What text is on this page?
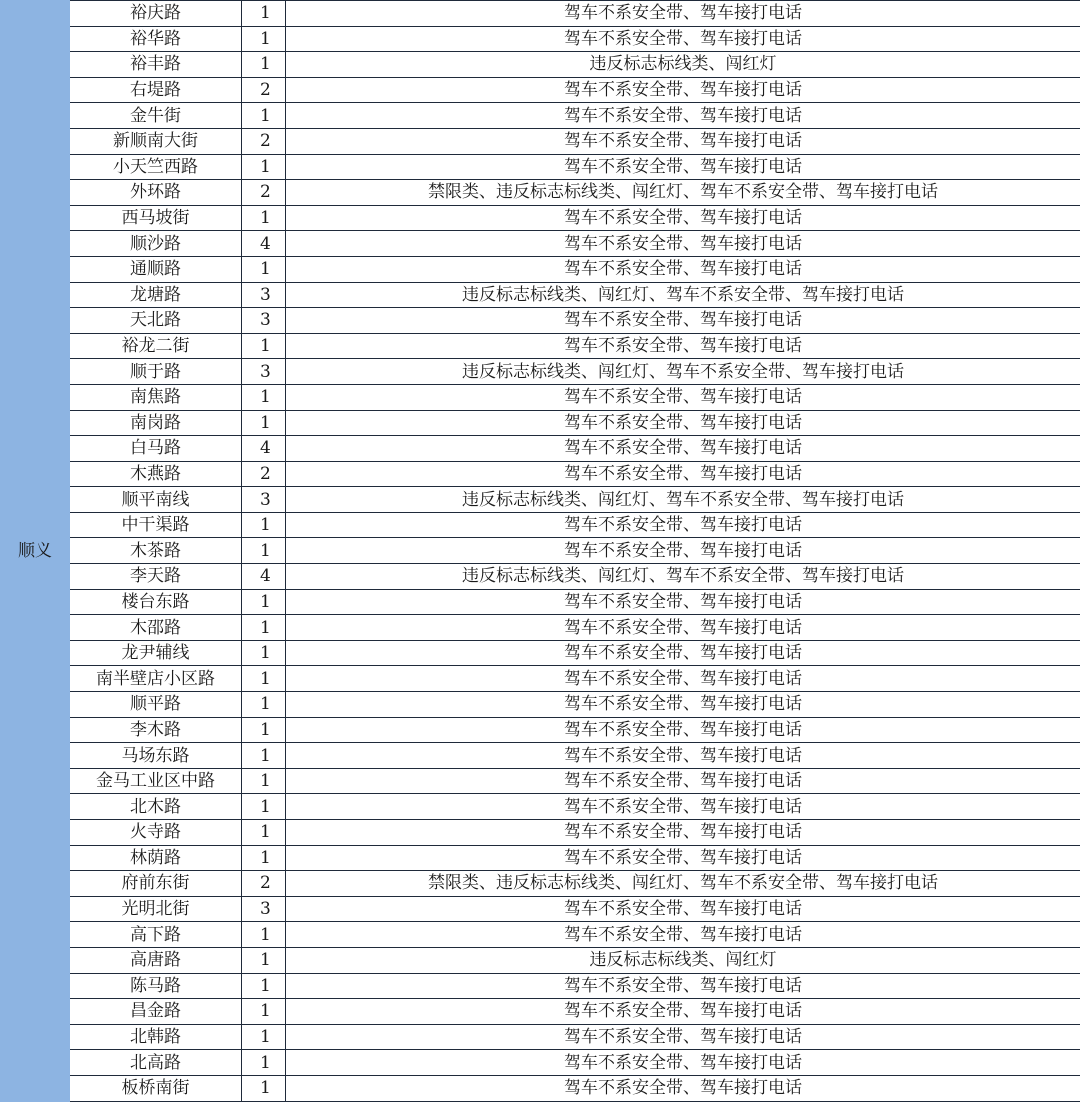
顺义	裕庆路	1	驾车不系安全带、驾车接打电话
	裕华路	1	驾车不系安全带、驾车接打电话
	裕丰路	1	违反标志标线类、闯红灯
	右堤路	2	驾车不系安全带、驾车接打电话
	金牛街	1	驾车不系安全带、驾车接打电话
	新顺南大街	2	驾车不系安全带、驾车接打电话
	小天竺西路	1	驾车不系安全带、驾车接打电话
	外环路	2	禁限类、违反标志标线类、闯红灯、驾车不系安全带、驾车接打电话
	西马坡街	1	驾车不系安全带、驾车接打电话
	顺沙路	4	驾车不系安全带、驾车接打电话
	通顺路	1	驾车不系安全带、驾车接打电话
	龙塘路	3	违反标志标线类、闯红灯、驾车不系安全带、驾车接打电话
	天北路	3	驾车不系安全带、驾车接打电话
	裕龙二街	1	驾车不系安全带、驾车接打电话
	顺于路	3	违反标志标线类、闯红灯、驾车不系安全带、驾车接打电话
	南焦路	1	驾车不系安全带、驾车接打电话
	南岗路	1	驾车不系安全带、驾车接打电话
	白马路	4	驾车不系安全带、驾车接打电话
	木燕路	2	驾车不系安全带、驾车接打电话
	顺平南线	3	违反标志标线类、闯红灯、驾车不系安全带、驾车接打电话
	中干渠路	1	驾车不系安全带、驾车接打电话
	木茶路	1	驾车不系安全带、驾车接打电话
	李天路	4	违反标志标线类、闯红灯、驾车不系安全带、驾车接打电话
	楼台东路	1	驾车不系安全带、驾车接打电话
	木邵路	1	驾车不系安全带、驾车接打电话
	龙尹辅线	1	驾车不系安全带、驾车接打电话
	南半壁店小区路	1	驾车不系安全带、驾车接打电话
	顺平路	1	驾车不系安全带、驾车接打电话
	李木路	1	驾车不系安全带、驾车接打电话
	马场东路	1	驾车不系安全带、驾车接打电话
	金马工业区中路	1	驾车不系安全带、驾车接打电话
	北木路	1	驾车不系安全带、驾车接打电话
	火寺路	1	驾车不系安全带、驾车接打电话
	林荫路	1	驾车不系安全带、驾车接打电话
	府前东街	2	禁限类、违反标志标线类、闯红灯、驾车不系安全带、驾车接打电话
	光明北街	3	驾车不系安全带、驾车接打电话
	高下路	1	驾车不系安全带、驾车接打电话
	高唐路	1	违反标志标线类、闯红灯
	陈马路	1	驾车不系安全带、驾车接打电话
	昌金路	1	驾车不系安全带、驾车接打电话
	北韩路	1	驾车不系安全带、驾车接打电话
	北高路	1	驾车不系安全带、驾车接打电话
	板桥南街	1	驾车不系安全带、驾车接打电话
